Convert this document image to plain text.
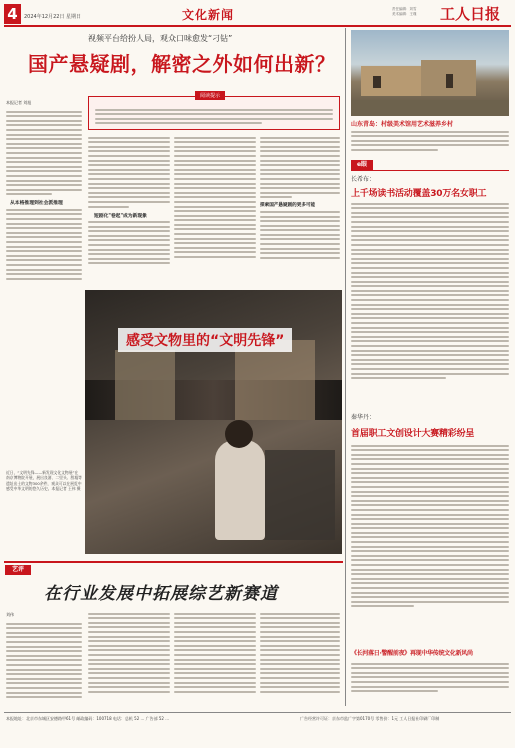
4	2024年12月22日 星期日	文化新闻	责任编辑：刘雪
美术编辑：王瑾 工人日报
视频平台给扮人局，观众口味愈发“刁钻”
国产悬疑剧，解密之外如何出新？
本报记者 刘旭
阅读提示
从本格推理到社会派推理
短剧化"卷起"成为新现象
探索国产悬疑剧的更多可能
山东青岛：村级美术馆用艺术滋养乡村
e眼
长希布：
上千场读书活动覆盖30万名女职工
秦华丹：
首届职工文创设计大赛精彩纷呈
《长河落日·警醒前夜》再现中华传统文化新风尚
感受文物里的“文明先锋”
近日，“文明先锋——新发现文化文物展”在南京博物院开展，展出良渚、二里头、殷墟等遗址出土的文物300余件，观众可以在展览中感受中华文明的悠久历史。本报记者 王伟 摄
艺评
在行业发展中拓展综艺新赛道
刘伟
本报地址：北京市东城区安德路甲61号 邮政编码：100718 电话：总机 52 ... 广告部 52 ...	广告经营许可证：京东市监广字第0170号 零售价：1元 工人日报社印刷厂印制
